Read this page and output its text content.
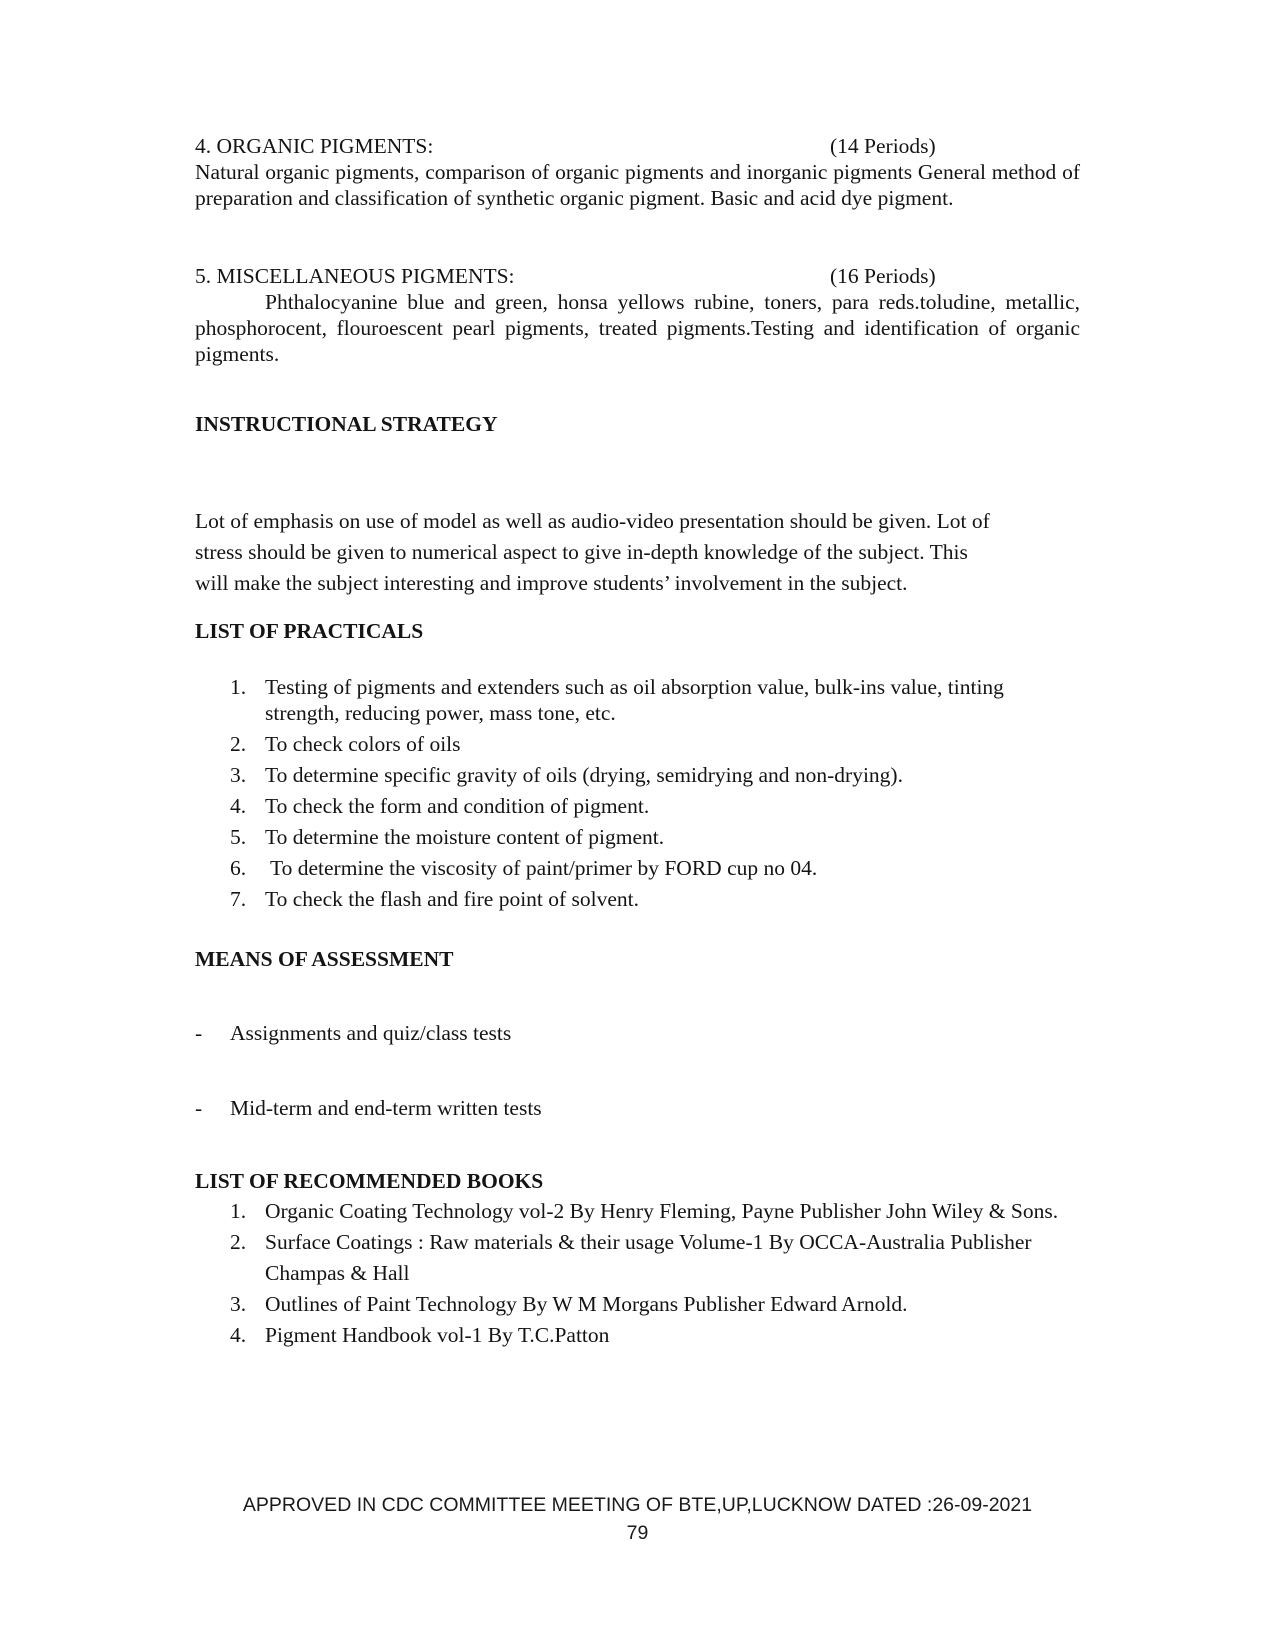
4. ORGANIC PIGMENTS:	(14 Periods)
Natural organic pigments, comparison of organic pigments and inorganic pigments General method of preparation and classification of synthetic organic pigment. Basic and acid dye pigment.
5. MISCELLANEOUS PIGMENTS:	(16 Periods)
Phthalocyanine blue and green, honsa yellows rubine, toners, para reds.toludine, metallic, phosphorocent, flouroescent pearl pigments, treated pigments.Testing and identification of organic pigments.
INSTRUCTIONAL STRATEGY
Lot of emphasis on use of model as well as audio-video presentation should be given. Lot of
stress should be given to numerical aspect to give in-depth knowledge of the subject. This
will make the subject interesting and improve students’ involvement in the subject.
LIST OF PRACTICALS
1. Testing of pigments and extenders such as oil absorption value, bulk-ins value, tinting strength, reducing power, mass tone, etc.
2. To check colors of oils
3. To determine specific gravity of oils (drying, semidrying and non-drying).
4. To check the form and condition of pigment.
5. To determine the moisture content of pigment.
6. To determine the viscosity of paint/primer by FORD cup no 04.
7. To check the flash and fire point of solvent.
MEANS OF ASSESSMENT
- Assignments and quiz/class tests
- Mid-term and end-term written tests
LIST OF RECOMMENDED BOOKS
1. Organic Coating Technology vol-2 By Henry Fleming, Payne Publisher John Wiley & Sons.
2. Surface Coatings : Raw materials & their usage Volume-1 By OCCA-Australia Publisher Champas & Hall
3. Outlines of Paint Technology By W M Morgans Publisher Edward Arnold.
4. Pigment Handbook vol-1 By T.C.Patton
APPROVED IN CDC COMMITTEE MEETING OF BTE,UP,LUCKNOW DATED :26-09-2021
79
